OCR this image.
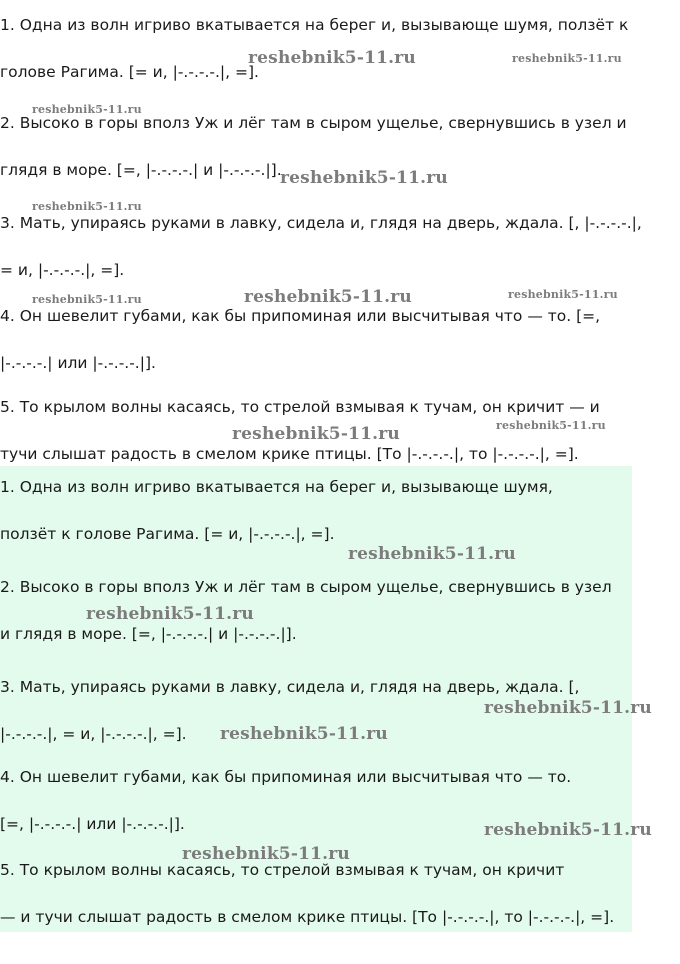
1. Одна из волн игриво вкатывается на берег и, вызывающе шумя, ползёт к
голове Рагима. [= и, |-.-.-.-.|, =].
2. Высоко в горы вполз Уж и лёг там в сыром ущелье, свернувшись в узел и
глядя в море. [=, |-.-.-.-.| и |-.-.-.-.|].
3. Мать, упираясь руками в лавку, сидела и, глядя на дверь, ждала. [, |-.-.-.-.|,
= и, |-.-.-.-.|, =].
4. Он шевелит губами, как бы припоминая или высчитывая что — то. [=,
|-.-.-.-.| или |-.-.-.-.|].
5. То крылом волны касаясь, то стрелой взмывая к тучам, он кричит — и
тучи слышат радость в смелом крике птицы. [То |-.-.-.-.|, то |-.-.-.-.|, =].
reshebnik5-11.ru	reshebnik5-11.ru
reshebnik5-11.ru
reshebnik5-11.ru
reshebnik5-11.ru
reshebnik5-11.ru	reshebnik5-11.ru	reshebnik5-11.ru
reshebnik5-11.ru	reshebnik5-11.ru
1. Одна из волн игриво вкатывается на берег и, вызывающе шумя,
ползёт к голове Рагима. [= и, |-.-.-.-.|, =].
2. Высоко в горы вполз Уж и лёг там в сыром ущелье, свернувшись в узел
и глядя в море. [=, |-.-.-.-.| и |-.-.-.-.|].
3. Мать, упираясь руками в лавку, сидела и, глядя на дверь, ждала. [,
|-.-.-.-.|, = и, |-.-.-.-.|, =].
4. Он шевелит губами, как бы припоминая или высчитывая что — то.
[=, |-.-.-.-.| или |-.-.-.-.|].
5. То крылом волны касаясь, то стрелой взмывая к тучам, он кричит
— и тучи слышат радость в смелом крике птицы. [То |-.-.-.-.|, то |-.-.-.-.|, =].
reshebnik5-11.ru
reshebnik5-11.ru
reshebnik5-11.ru
reshebnik5-11.ru
reshebnik5-11.ru
reshebnik5-11.ru
